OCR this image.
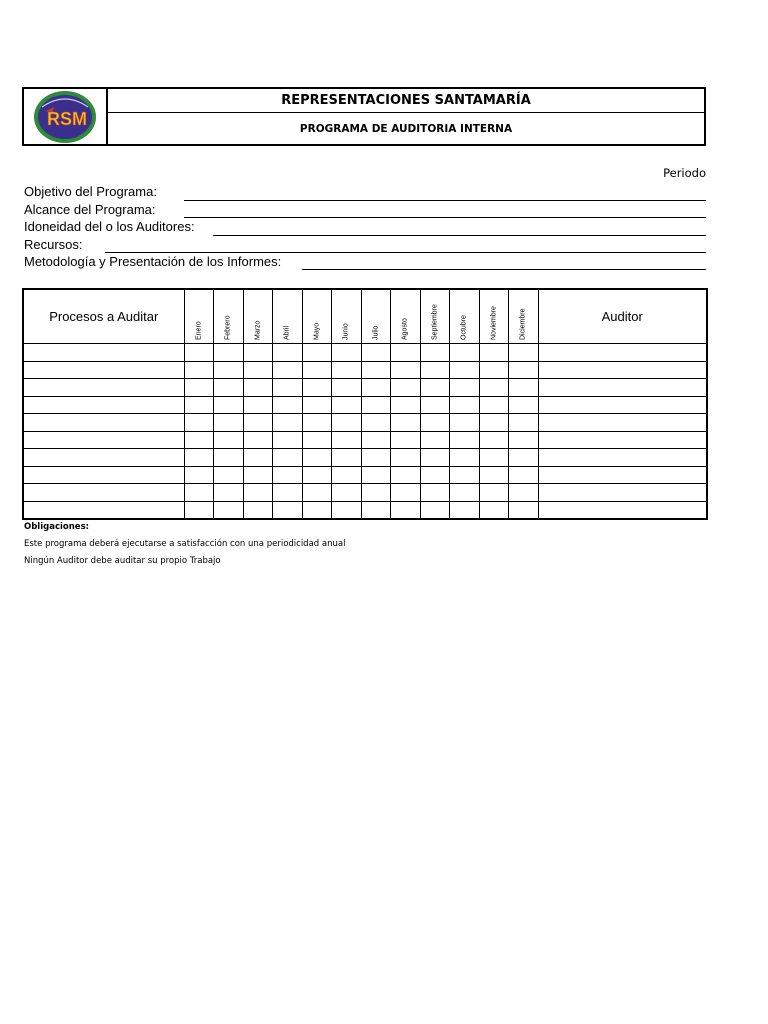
RSM
REPRESENTACIONES SANTAMARÍA
PROGRAMA DE AUDITORIA INTERNA
Periodo
Objetivo del Programa:
Alcance del Programa:
Idoneidad del o los Auditores:
Recursos:
Metodología y Presentación de los Informes:
Procesos a Auditar	Enero	Febrero	Marzo	Abril	Mayo	Junio	Julio	Agosto	Septiembre	Octubre	Noviembre	Diciembre	Auditor

Obligaciones:
Este programa deberá ejecutarse a satisfacción con una periodicidad anual
Ningún Auditor debe auditar su propio Trabajo
